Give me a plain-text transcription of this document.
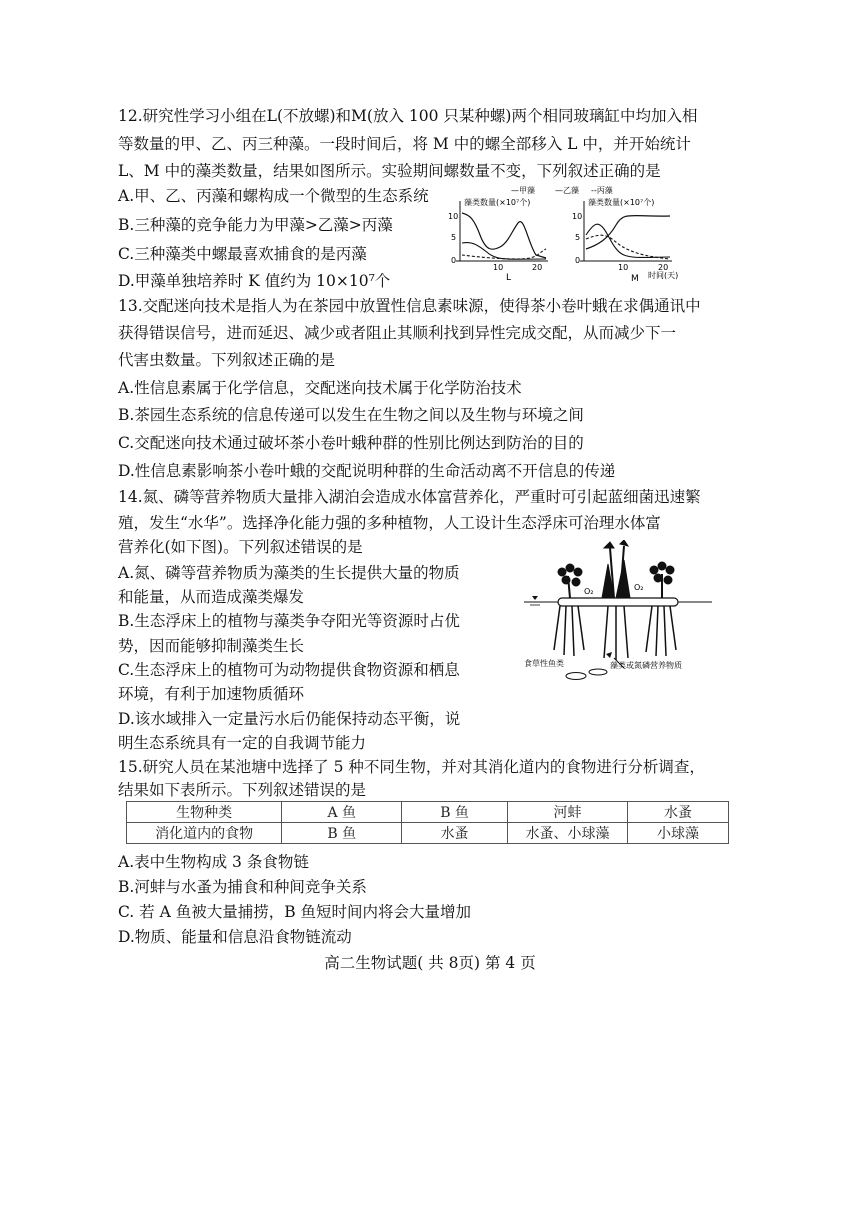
12.研究性学习小组在L(不放螺)和M(放入 100 只某种螺)两个相同玻璃缸中均加入相
等数量的甲、乙、丙三种藻。一段时间后，将 M 中的螺全部移入 L 中，并开始统计
L、M 中的藻类数量，结果如图所示。实验期间螺数量不变，下列叙述正确的是
A.甲、乙、丙藻和螺构成一个微型的生态系统
B.三种藻的竞争能力为甲藻>乙藻>丙藻
C.三种藻类中螺最喜欢捕食的是丙藻
D.甲藻单独培养时 K 值约为 10×10⁷个
—甲藻	—乙藻 --丙藻
藻类数量(×10⁷个)
10
5
0
10	20
L
藻类数量(×10⁷个)
10
5
0
10	20
时间(天)
M
13.交配迷向技术是指人为在茶园中放置性信息素味源，使得茶小卷叶蛾在求偶通讯中
获得错误信号，进而延迟、减少或者阻止其顺利找到异性完成交配，从而减少下一
代害虫数量。下列叙述正确的是
A.性信息素属于化学信息，交配迷向技术属于化学防治技术
B.茶园生态系统的信息传递可以发生在生物之间以及生物与环境之间
C.交配迷向技术通过破坏茶小卷叶蛾种群的性别比例达到防治的目的
D.性信息素影响茶小卷叶蛾的交配说明种群的生命活动离不开信息的传递
14.氮、磷等营养物质大量排入湖泊会造成水体富营养化，严重时可引起蓝细菌迅速繁
殖，发生“水华”。选择净化能力强的多种植物，人工设计生态浮床可治理水体富
营养化(如下图)。下列叙述错误的是
A.氮、磷等营养物质为藻类的生长提供大量的物质
和能量，从而造成藻类爆发
B.生态浮床上的植物与藻类争夺阳光等资源时占优
势，因而能够抑制藻类生长
C.生态浮床上的植物可为动物提供食物资源和栖息
环境，有利于加速物质循环
D.该水域排入一定量污水后仍能保持动态平衡，说
明生态系统具有一定的自我调节能力
O₂	O₂
食草性鱼类	藻类或氮磷营养物质
15.研究人员在某池塘中选择了 5 种不同生物，并对其消化道内的食物进行分析调查，
结果如下表所示。下列叙述错误的是
生物种类	A 鱼	B 鱼	河蚌	水蚤
消化道内的食物	B 鱼	水蚤	水蚤、小球藻	小球藻
A.表中生物构成 3 条食物链
B.河蚌与水蚤为捕食和种间竞争关系
C. 若 A 鱼被大量捕捞，B 鱼短时间内将会大量增加
D.物质、能量和信息沿食物链流动
高二生物试题( 共 8页) 第 4 页
